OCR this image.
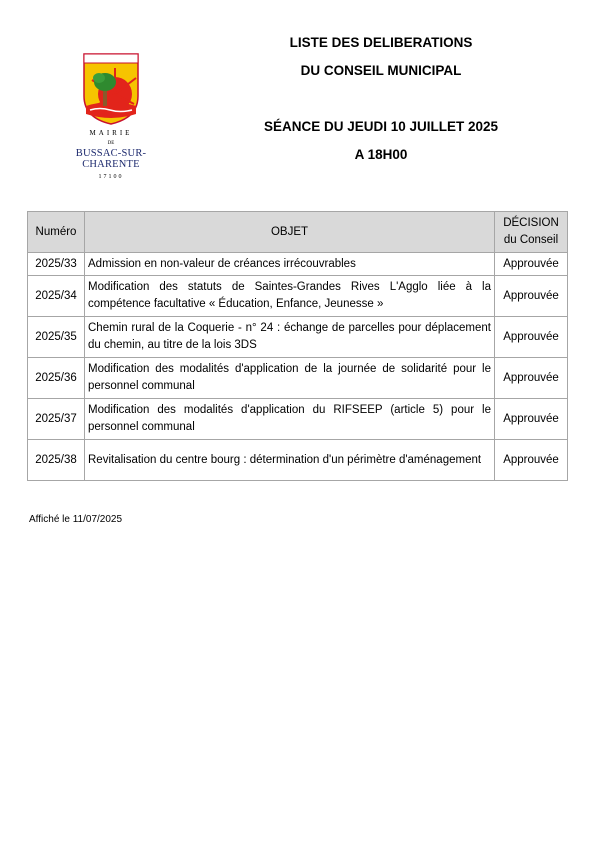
MAIRIE
DE
BUSSAC-SUR-CHARENTE
17100
LISTE DES DELIBERATIONS
DU CONSEIL MUNICIPAL
SÉANCE DU JEUDI 10 JUILLET 2025
A 18H00
Numéro	OBJET	DÉCISION
du Conseil
2025/33	Admission en non-valeur de créances irrécouvrables	Approuvée
2025/34	Modification des statuts de Saintes-Grandes Rives L'Agglo liée à la compétence facultative « Éducation, Enfance, Jeunesse »	Approuvée
2025/35	Chemin rural de la Coquerie - n° 24 : échange de parcelles pour déplacement du chemin, au titre de la lois 3DS	Approuvée
2025/36	Modification des modalités d'application de la journée de solidarité pour le personnel communal	Approuvée
2025/37	Modification des modalités d'application du RIFSEEP (article 5) pour le personnel communal	Approuvée
2025/38	Revitalisation du centre bourg : détermination d'un périmètre d'aménagement	Approuvée
Affiché le 11/07/2025
